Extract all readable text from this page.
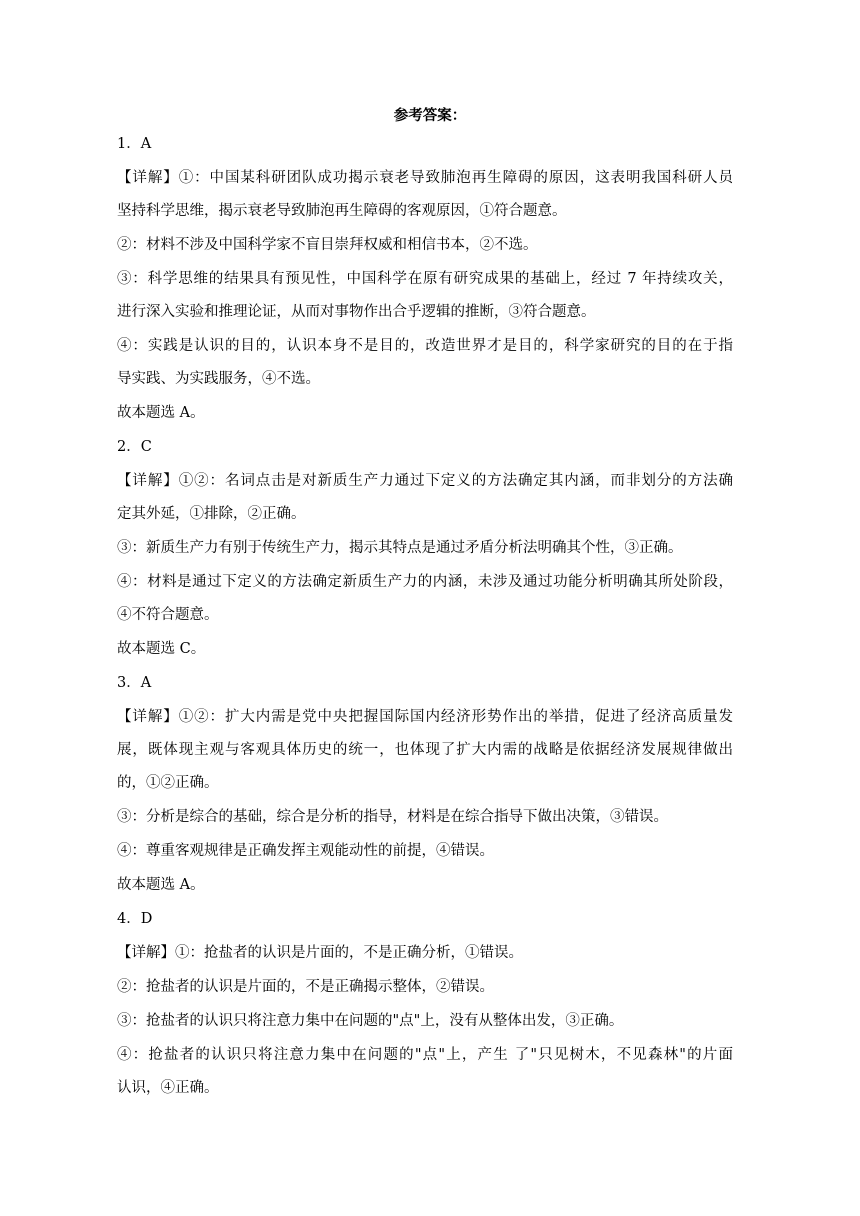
参考答案：
1．A
【详解】①：中国某科研团队成功揭示衰老导致肺泡再生障碍的原因，这表明我国科研人员
坚持科学思维，揭示衰老导致肺泡再生障碍的客观原因，①符合题意。
②：材料不涉及中国科学家不盲目崇拜权威和相信书本，②不选。
③：科学思维的结果具有预见性，中国科学在原有研究成果的基础上，经过 7 年持续攻关，
进行深入实验和推理论证，从而对事物作出合乎逻辑的推断，③符合题意。
④：实践是认识的目的，认识本身不是目的，改造世界才是目的，科学家研究的目的在于指
导实践、为实践服务，④不选。
故本题选 A。
2．C
【详解】①②：名词点击是对新质生产力通过下定义的方法确定其内涵，而非划分的方法确
定其外延，①排除，②正确。
③：新质生产力有别于传统生产力，揭示其特点是通过矛盾分析法明确其个性，③正确。
④：材料是通过下定义的方法确定新质生产力的内涵，未涉及通过功能分析明确其所处阶段，
④不符合题意。
故本题选 C。
3．A
【详解】①②：扩大内需是党中央把握国际国内经济形势作出的举措，促进了经济高质量发
展，既体现主观与客观具体历史的统一，也体现了扩大内需的战略是依据经济发展规律做出
的，①②正确。
③：分析是综合的基础，综合是分析的指导，材料是在综合指导下做出决策，③错误。
④：尊重客观规律是正确发挥主观能动性的前提，④错误。
故本题选 A。
4．D
【详解】①：抢盐者的认识是片面的，不是正确分析，①错误。
②：抢盐者的认识是片面的，不是正确揭示整体，②错误。
③：抢盐者的认识只将注意力集中在问题的"点"上，没有从整体出发，③正确。
④：抢盐者的认识只将注意力集中在问题的"点"上，产生 了"只见树木，不见森林"的片面
认识，④正确。
